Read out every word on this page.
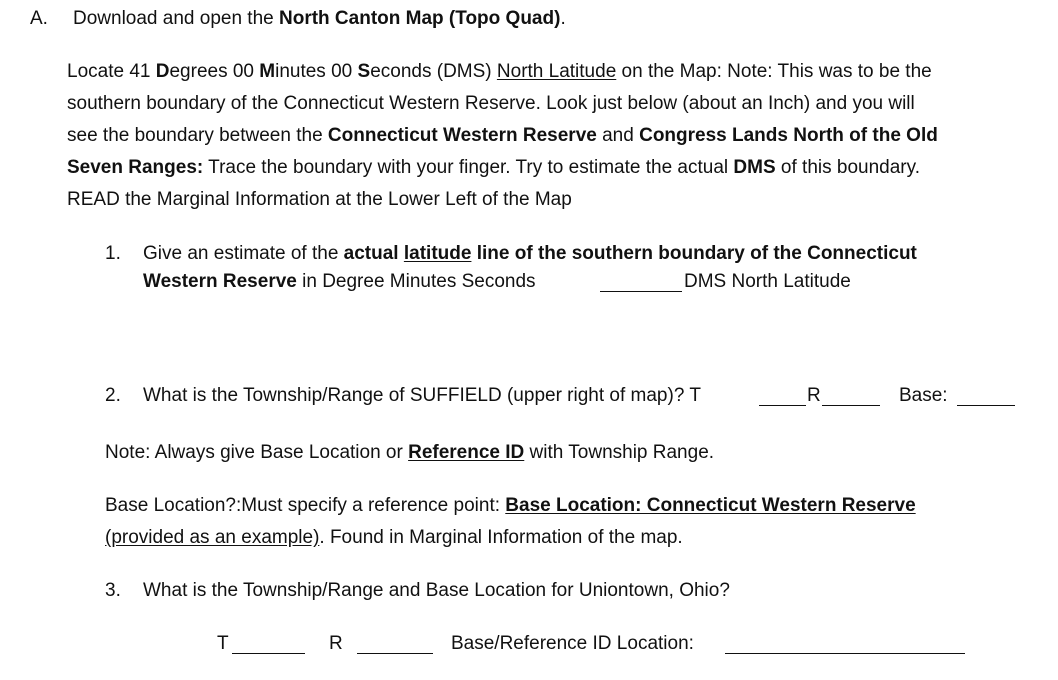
A. Download and open the North Canton Map (Topo Quad).
Locate 41 Degrees 00 Minutes 00 Seconds (DMS) North Latitude on the Map: Note: This was to be the
southern boundary of the Connecticut Western Reserve. Look just below (about an Inch) and you will
see the boundary between the Connecticut Western Reserve and Congress Lands North of the Old
Seven Ranges: Trace the boundary with your finger. Try to estimate the actual DMS of this boundary.
READ the Marginal Information at the Lower Left of the Map
1. Give an estimate of the actual latitude line of the southern boundary of the Connecticut
Western Reserve in Degree Minutes Seconds	DMS North Latitude
2. What is the Township/Range of SUFFIELD (upper right of map)? T	R	Base:
Note: Always give Base Location or Reference ID with Township Range.
Base Location?:Must specify a reference point: Base Location: Connecticut Western Reserve
(provided as an example). Found in Marginal Information of the map.
3. What is the Township/Range and Base Location for Uniontown, Ohio?
T	R	Base/Reference ID Location:
